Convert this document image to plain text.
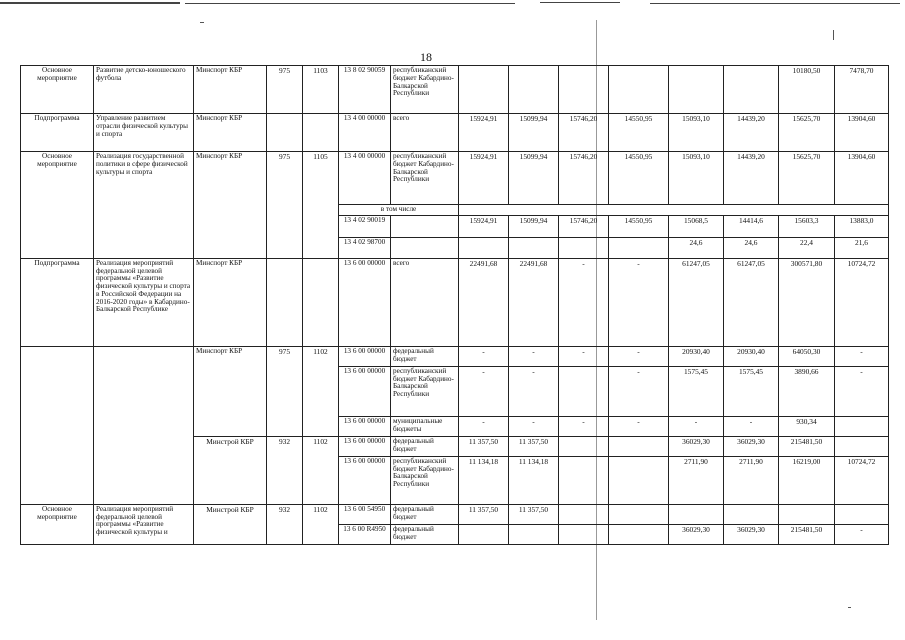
18
Основное мероприятие	Развитие детско-юношеского футбола	Минспорт КБР	975	1103	13 8 02 90059	республиканский бюджет Кабардино-Балкарской Республики							10180,50	7478,70
Подпрограмма	Управление развитием отрасли физической культуры и спорта	Минспорт КБР			13 4 00 00000	всего	15924,91	15099,94	15746,20	14550,95	15093,10	14439,20	15625,70	13904,60
Основное мероприятие	Реализация государственной политики в сфере физической культуры и спорта	Минспорт КБР	975	1105	13 4 00 00000	республиканский бюджет Кабардино-Балкарской Республики	15924,91	15099,94	15746,20	14550,95	15093,10	14439,20	15625,70	13904,60
					в том числе									
					13 4 02 90019		15924,91	15099,94	15746,20	14550,95	15068,5	14414,6	15603,3	13883,0
					13 4 02 98700						24,6	24,6	22,4	21,6
Подпрограмма	Реализация мероприятий федеральной целевой программы «Развитие физической культуры и спорта в Российской Федерации на 2016-2020 годы» в Кабардино-Балкарской Республике	Минспорт КБР			13 6 00 00000	всего	22491,68	22491,68	-	-	61247,05	61247,05	300571,80	10724,72
		Минспорт КБР	975	1102	13 6 00 00000	федеральный бюджет	-	-	-	-	20930,40	20930,40	64050,30	-
					13 6 00 00000	республиканский бюджет Кабардино-Балкарской Республики	-	-		-	1575,45	1575,45	3890,66	-
					13 6 00 00000	муниципальные бюджеты	-	-	-	-	-	-	930,34	
		Минстрой КБР	932	1102	13 6 00 00000	федеральный бюджет	11 357,50	11 357,50			36029,30	36029,30	215481,50	
					13 6 00 00000	республиканский бюджет Кабардино-Балкарской Республики	11 134,18	11 134,18			2711,90	2711,90	16219,00	10724,72
Основное мероприятие	Реализация мероприятий федеральной целевой программы «Развитие физической культуры и	Минстрой КБР	932	1102	13 6 00 54950	федеральный бюджет	11 357,50	11 357,50						
					13 6 00 R4950	федеральный бюджет					36029,30	36029,30	215481,50	-
